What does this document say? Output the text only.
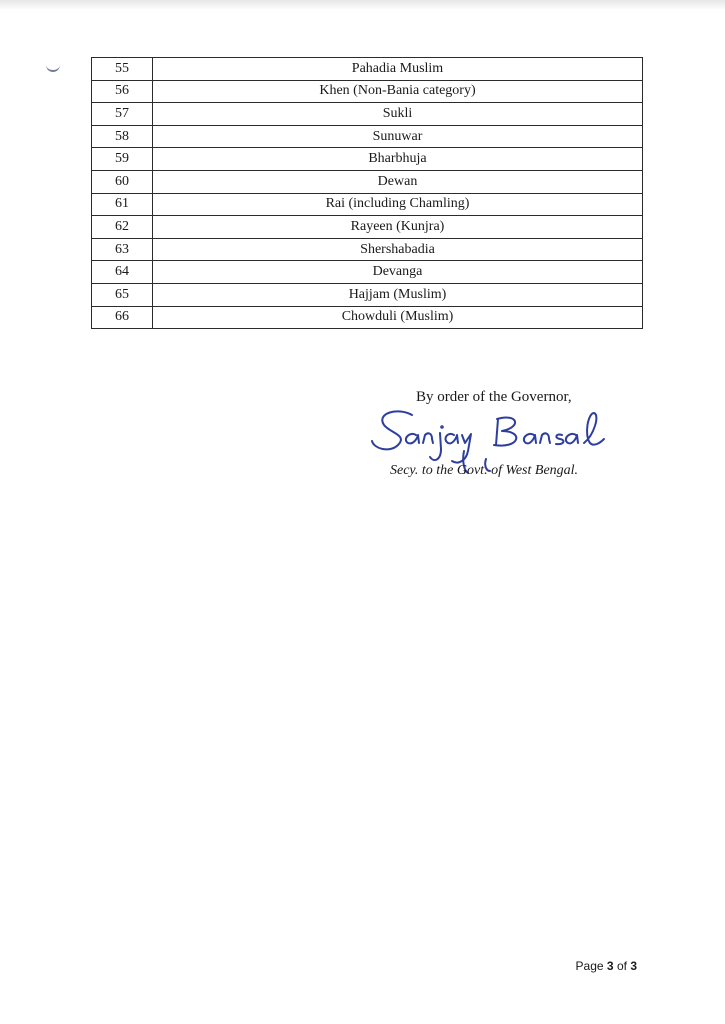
55	Pahadia Muslim
56	Khen (Non-Bania category)
57	Sukli
58	Sunuwar
59	Bharbhuja
60	Dewan
61	Rai (including Chamling)
62	Rayeen (Kunjra)
63	Shershabadia
64	Devanga
65	Hajjam (Muslim)
66	Chowduli (Muslim)
By order of the Governor,
Secy. to the Govt. of West Bengal.
Page 3 of 3
